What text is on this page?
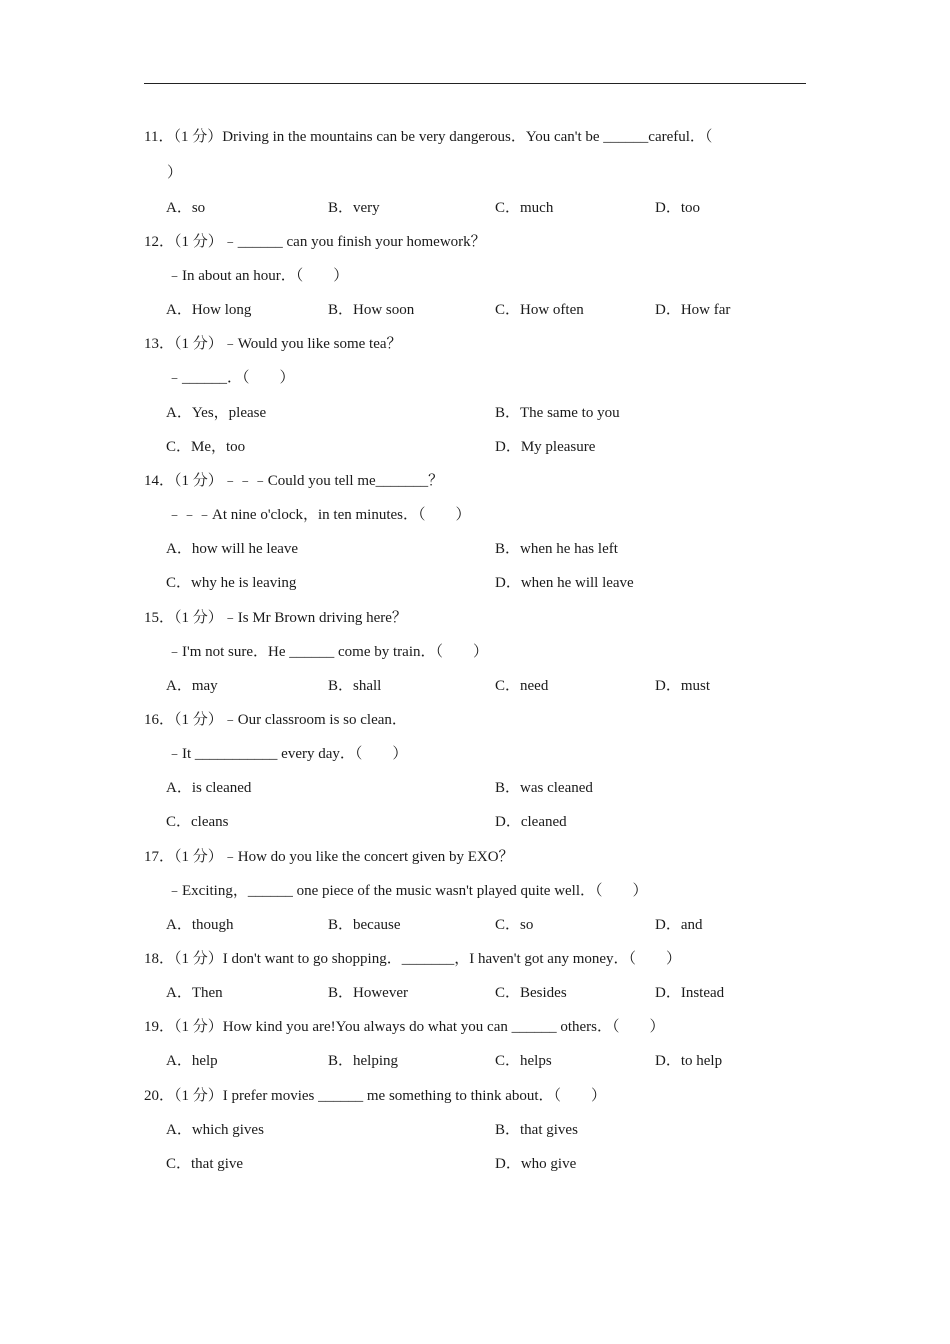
11．（1 分）Driving in the mountains can be very dangerous．You can't be ______careful．（
）
A．so	B．very	C．much	D．too
12．（1 分）﹣______ can you finish your homework？
﹣In about an hour．（　　）
A．How long	B．How soon	C．How often	D．How far
13．（1 分）﹣Would you like some tea？
﹣______．（　　）
A．Yes，please	B．The same to you
C．Me，too	D．My pleasure
14．（1 分）﹣﹣﹣Could you tell me_______？
﹣﹣﹣At nine o'clock，in ten minutes．（　　）
A．how will he leave	B．when he has left
C．why he is leaving	D．when he will leave
15．（1 分）﹣Is Mr Brown driving here？
﹣I'm not sure．He ______ come by train．（　　）
A．may	B．shall	C．need	D．must
16．（1 分）﹣Our classroom is so clean．
﹣It ___________ every day．（　　）
A．is cleaned	B．was cleaned
C．cleans	D．cleaned
17．（1 分）﹣How do you like the concert given by EXO？
﹣Exciting，______ one piece of the music wasn't played quite well．（　　）
A．though	B．because	C．so	D．and
18．（1 分）I don't want to go shopping．_______，I haven't got any money．（　　）
A．Then	B．However	C．Besides	D．Instead
19．（1 分）How kind you are!You always do what you can ______ others．（　　）
A．help	B．helping	C．helps	D．to help
20．（1 分）I prefer movies ______ me something to think about．（　　）
A．which gives	B．that gives
C．that give	D．who give
